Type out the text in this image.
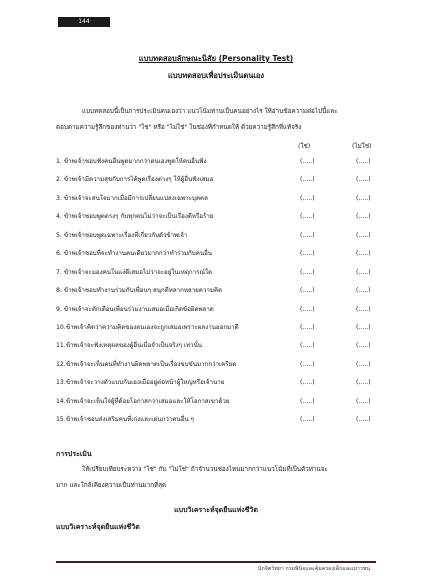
144
แบบทดสอบลักษณะนิสัย (Personality Test)
แบบทดสอบเพื่อประเมินตนเอง
แบบทดสอบนี้เป็นการประเมินตนเองว่า แนวโน้มท่านเป็นคนอย่างไร ให้อ่านข้อความต่อไปนี้และ
ตอบตามความรู้สึกของท่านว่า "ใช่" หรือ "ไม่ใช่" ในช่องที่กำหนดให้ ด้วยความรู้สึกที่แท้จริง
(ใช่)	(ไม่ใช่)
1. ข้าพเจ้าชอบฟังคนอื่นพูดมากกว่าตนเองพูดให้คนอื่นฟัง	(.....)	(.....)
2. ข้าพเจ้ามีความสุขกับการได้พูดเรื่องต่างๆ ให้ผู้อื่นฟังเสมอ	(.....)	(.....)
3. ข้าพเจ้าจะสนใจมากเมื่อมีการเปลี่ยนแปลงเฉพาะบุคคล	(.....)	(.....)
4. ข้าพเจ้าชอบพูดตรงๆ กับทุกคนไม่ว่าจะเป็นเรื่องดีหรือร้าย	(.....)	(.....)
5. ข้าพเจ้าชอบพูดเฉพาะเรื่องที่เกี่ยวกับตัวข้าพเจ้า	(.....)	(.....)
6. ข้าพเจ้าชอบที่จะทำงานคนเดียวมากกว่าทำร่วมกับคนอื่น	(.....)	(.....)
7. ข้าพเจ้าจะมองคนในแง่ดีเสมอไม่ว่าจะอยู่ในเหตุการณ์ใด	(.....)	(.....)
8. ข้าพเจ้าชอบทำงานร่วมกับเพื่อนๆ สนุกดีหลากหลายความคิด	(.....)	(.....)
9. ข้าพเจ้าจะตักเตือนเพื่อนร่วมงานเสมอเมื่อเกิดข้อผิดพลาด	(.....)	(.....)
10.ข้าพเจ้าคิดว่าความคิดของตนเองจะถูกเสมอเพราะผลงานออกมาดี	(.....)	(.....)
11.ข้าพเจ้าจะฟังเหตุผลของผู้อื่นเมื่อจำเป็นจริงๆ เท่านั้น	(.....)	(.....)
12.ข้าพเจ้าจะเห็นคนที่ทำงานผิดพลาดเป็นเรื่องขบขันมากกว่าเครียด	(.....)	(.....)
13.ข้าพเจ้าจะวางตัวแบบกันเองเมื่ออยู่ต่อหน้าผู้ใหญ่หรือเจ้านาย	(.....)	(.....)
14.ข้าพเจ้าจะเห็นใจผู้ที่ด้อยโอกาสกว่าเสมอและให้โอกาสเขาด้วย	(.....)	(.....)
15.ข้าพเจ้าชอบส่งเสริมคนที่เก่งและเด่นกว่าคนอื่น ๆ	(.....)	(.....)
การประเมิน
ให้เปรียบเทียบระหว่าง "ใช่" กับ "ไม่ใช่" ถ้าจำนวนช่องไหนมากกว่าแนวโน้มที่เป็นตัวท่านจะ
มาก และใกล้เคียงความเป็นท่านมากที่สุด
แบบวิเคราะห์จุดยืนแห่งชีวิต
แบบวิเคราะห์จุดยืนแห่งชีวิต
นักจิตวิทยา กรมพินิจและคุ้มครองเด็กและเยาวชน
